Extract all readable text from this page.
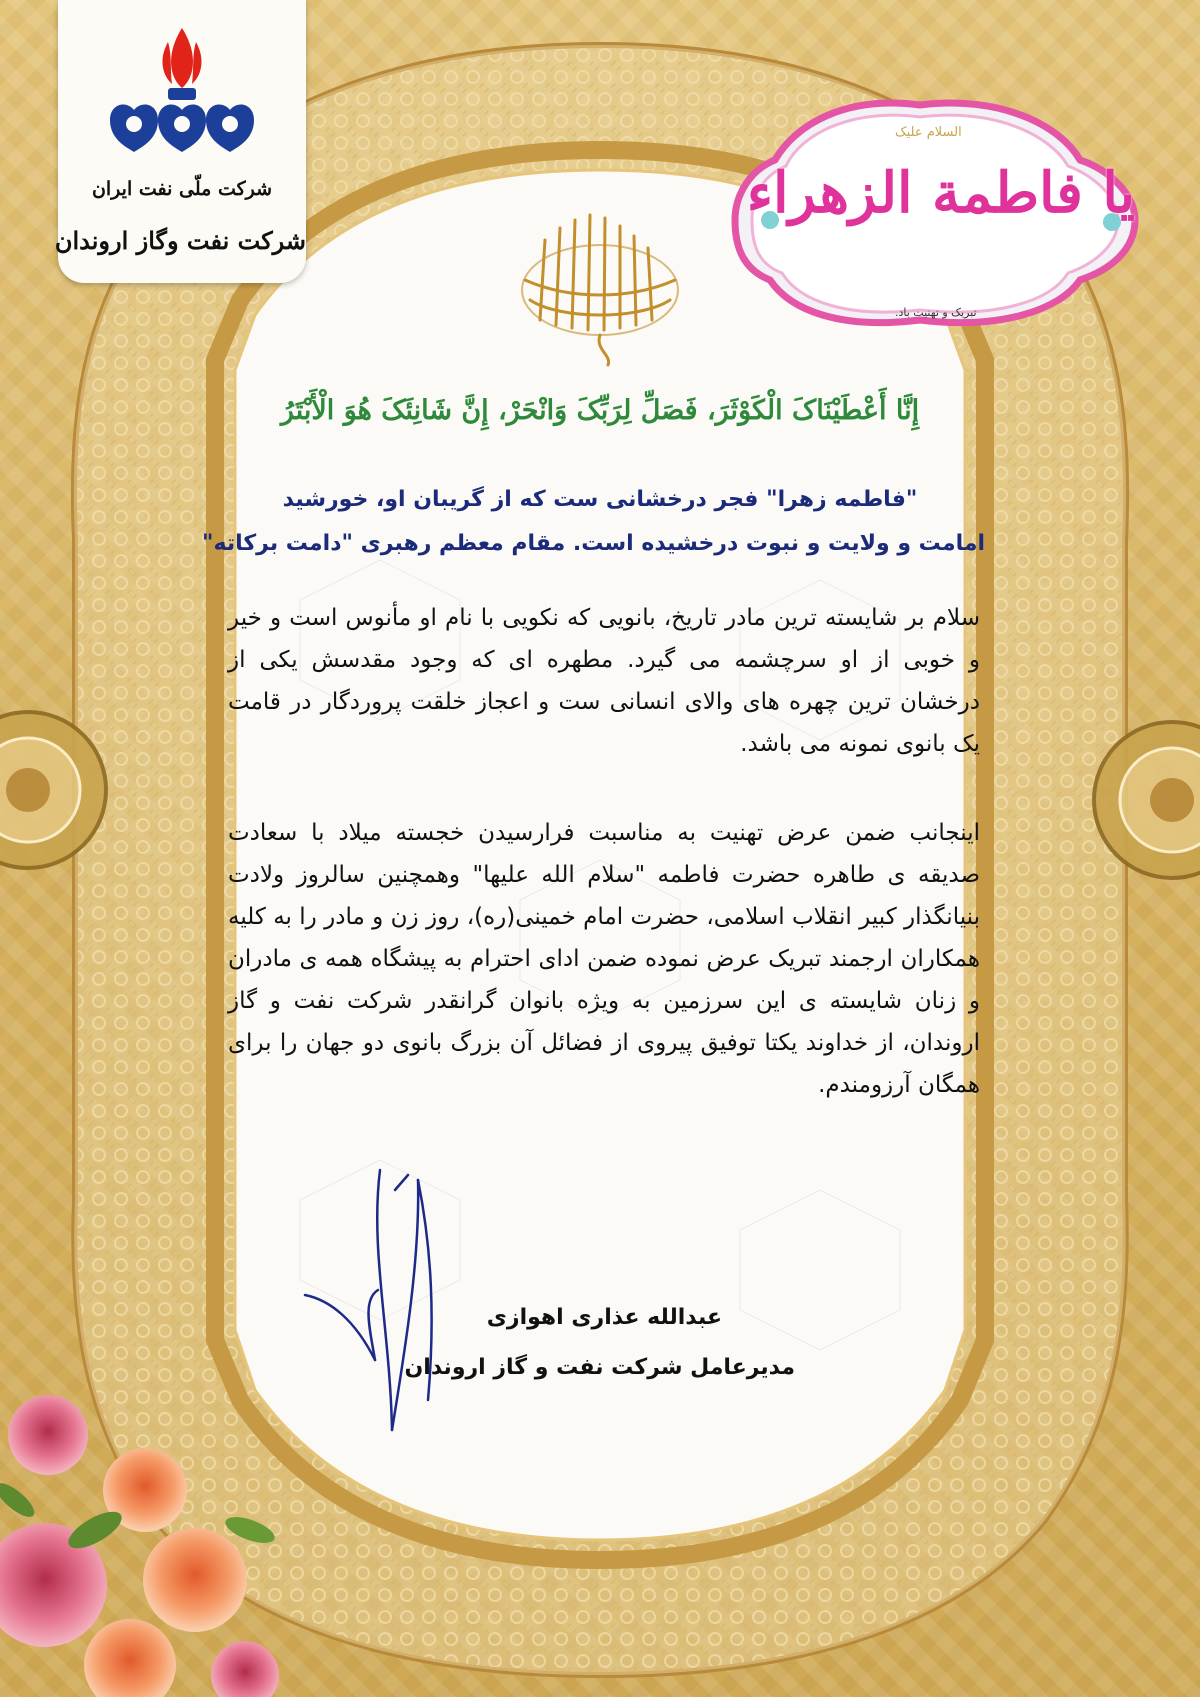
شرکت ملّی نفت ایران
شرکت نفت وگاز اروندان
السلام علیک
یا فاطمة الزهراء
تبریک و تهنیت باد.
إِنَّا أَعْطَيْنَاکَ الْکَوْثَرَ، فَصَلِّ لِرَبِّکَ وَانْحَرْ، إِنَّ شَانِئَکَ هُوَ الْأَبْتَرُ
"فاطمه زهرا" فجر درخشانی ست که از گریبان او، خورشید
امامت و ولایت و نبوت درخشیده است. مقام معظم رهبری "دامت برکاته"

سلام بر شایسته ترین مادر تاریخ، بانویی که نکویی با نام او مأنوس است و خیر و خوبی از او سرچشمه می گیرد. مطهره ای که وجود مقدسش یکی از درخشان ترین چهره های والای انسانی ست و اعجاز خلقت پروردگار در قامت یک بانوی نمونه می باشد.

اینجانب ضمن عرض تهنیت به مناسبت فرارسیدن خجسته میلاد با سعادت صدیقه ی طاهره حضرت فاطمه "سلام الله علیها" وهمچنین سالروز ولادت بنیانگذار کبیر انقلاب اسلامی، حضرت امام خمینی(ره)، روز زن و مادر را به کلیه همکاران ارجمند تبریک عرض نموده ضمن ادای احترام به پیشگاه همه ی مادران و زنان شایسته ی این سرزمین به ویژه بانوان گرانقدر شرکت نفت و گاز اروندان، از خداوند یکتا توفیق پیروی از فضائل آن بزرگ بانوی دو جهان را برای همگان آرزومندم.

عبدالله عذاری اهوازی
مدیرعامل شرکت نفت و گاز اروندان
